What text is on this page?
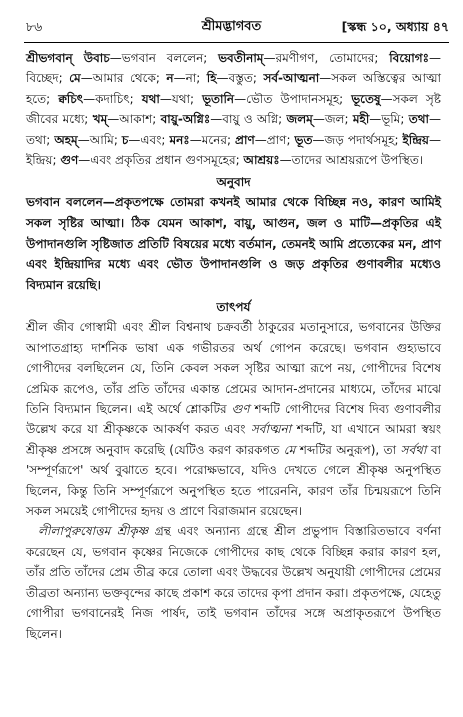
৮৬	শ্রীমদ্ভাগবত	[স্কন্ধ ১০, অধ্যায় ৪৭

শ্রীভগবান্ উবাচ—ভগবান বললেন; ভবতীনাম্—রমণীগণ, তোমাদের; বিয়োগঃ—বিচ্ছেদ; মে—আমার থেকে; ন—না; হি—বস্তুত; সর্ব-আত্মনা—সকল অস্তিত্বের আত্মা হতে; ক্বচিৎ—কদাচিৎ; যথা—যথা; ভূতানি—ভৌত উপাদানসমূহ; ভূতেষু—সকল সৃষ্ট জীবের মধ্যে; খম্—আকাশ; বায়ু-অগ্নিঃ—বায়ু ও অগ্নি; জলম্—জল; মহী—ভূমি; তথা—তথা; অহম্—আমি; চ—এবং; মনঃ—মনের; প্রাণ—প্রাণ; ভূত—জড় পদার্থসমূহ; ইন্দ্রিয়—ইন্দ্রিয়; গুণ—এবং প্রকৃতির প্রধান গুণসমূহের; আশ্রয়ঃ—তাদের আশ্রয়রূপে উপস্থিত।

অনুবাদ

ভগবান বললেন—প্রকৃতপক্ষে তোমরা কখনই আমার থেকে বিচ্ছিন্ন নও, কারণ আমিই সকল সৃষ্টির আত্মা। ঠিক যেমন আকাশ, বায়ু, আগুন, জল ও মাটি—প্রকৃতির এই উপাদানগুলি সৃষ্টিজাত প্রতিটি বিষয়ের মধ্যে বর্তমান, তেমনই আমি প্রত্যেকের মন, প্রাণ এবং ইন্দ্রিয়াদির মধ্যে এবং ভৌত উপাদানগুলি ও জড় প্রকৃতির গুণাবলীর মধ্যেও বিদ্যমান রয়েছি।

তাৎপর্য

শ্রীল জীব গোস্বামী এবং শ্রীল বিশ্বনাথ চক্রবর্তী ঠাকুরের মতানুসারে, ভগবানের উক্তির আপাতগ্রাহ্য দার্শনিক ভাষা এক গভীরতর অর্থ গোপন করেছে। ভগবান গুহ্যভাবে গোপীদের বলছিলেন যে, তিনি কেবল সকল সৃষ্টির আত্মা রূপে নয়, গোপীদের বিশেষ প্রেমিক রূপেও, তাঁর প্রতি তাঁদের একান্ত প্রেমের আদান-প্রদানের মাধ্যমে, তাঁদের মাঝে তিনি বিদ্যমান ছিলেন। এই অর্থে শ্লোকটির গুণ শব্দটি গোপীদের বিশেষ দিব্য গুণাবলীর উল্লেখ করে যা শ্রীকৃষ্ণকে আকর্ষণ করত এবং সর্বাত্মনা শব্দটি, যা এখানে আমরা স্বয়ং শ্রীকৃষ্ণ প্রসঙ্গে অনুবাদ করেছি (যেটিও করণ কারকগত মে শব্দটির অনুরূপ), তা সর্বথা বা 'সম্পূর্ণরূপে' অর্থ বুঝাতে হবে। পরোক্ষভাবে, যদিও দেখতে গেলে শ্রীকৃষ্ণ অনুপস্থিত ছিলেন, কিন্তু তিনি সম্পূর্ণরূপে অনুপস্থিত হতে পারেননি, কারণ তাঁর চিন্ময়রূপে তিনি সকল সময়েই গোপীদের হৃদয় ও প্রাণে বিরাজমান রয়েছেন।

লীলাপুরুষোত্তম শ্রীকৃষ্ণ গ্রন্থ এবং অন্যান্য গ্রন্থে শ্রীল প্রভুপাদ বিস্তারিতভাবে বর্ণনা করেছেন যে, ভগবান কৃষ্ণের নিজেকে গোপীদের কাছ থেকে বিচ্ছিন্ন করার কারণ হল, তাঁর প্রতি তাঁদের প্রেম তীব্র করে তোলা এবং উদ্ধবের উল্লেখ অনুযায়ী গোপীদের প্রেমের তীব্রতা অন্যান্য ভক্তবৃন্দের কাছে প্রকাশ করে তাদের কৃপা প্রদান করা। প্রকৃতপক্ষে, যেহেতু গোপীরা ভগবানেরই নিজ পার্ষদ, তাই ভগবান তাঁদের সঙ্গে অপ্রাকৃতরূপে উপস্থিত ছিলেন।
